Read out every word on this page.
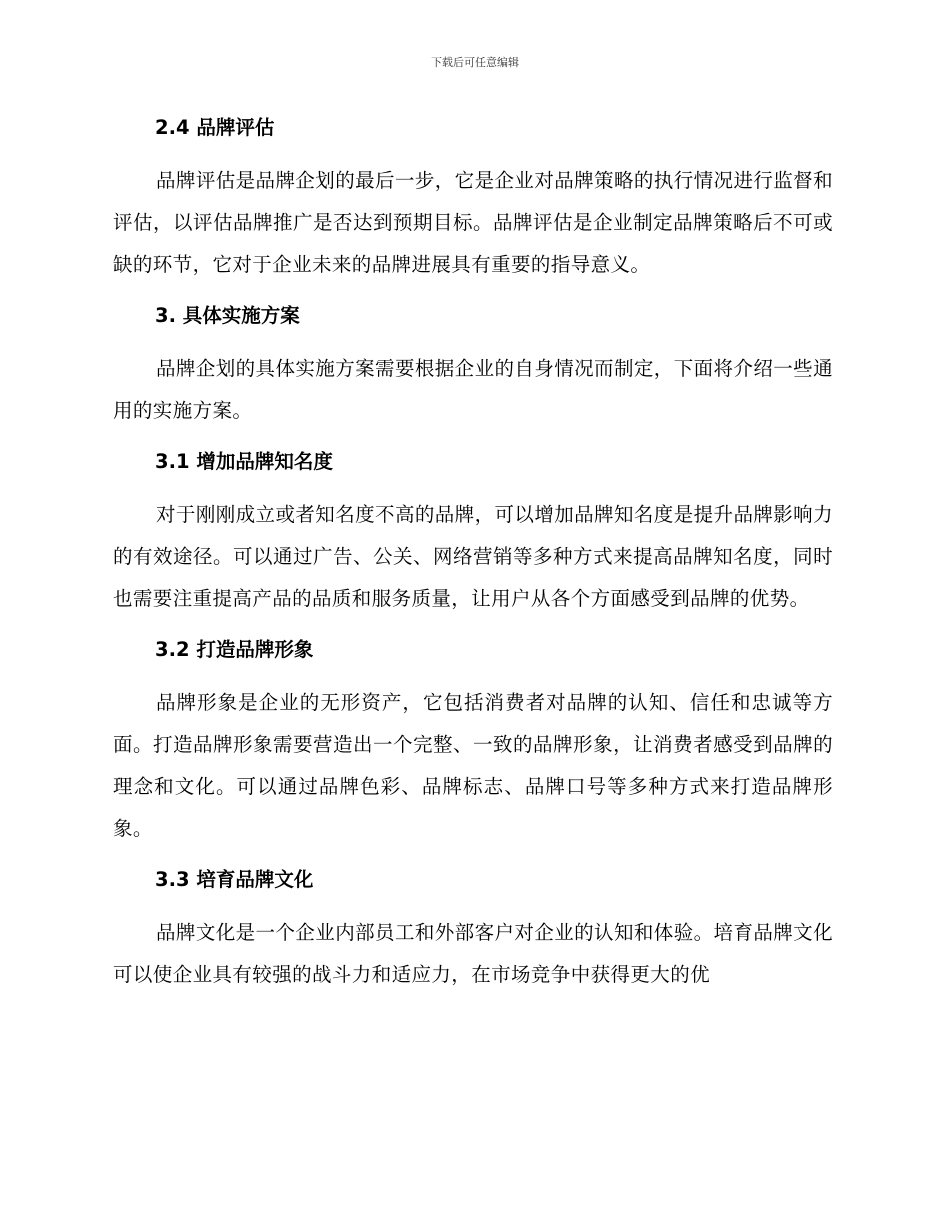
下载后可任意编辑
2.4 品牌评估

品牌评估是品牌企划的最后一步，它是企业对品牌策略的执行情况进行监督和评估，以评估品牌推广是否达到预期目标。品牌评估是企业制定品牌策略后不可或缺的环节，它对于企业未来的品牌进展具有重要的指导意义。

3. 具体实施方案

品牌企划的具体实施方案需要根据企业的自身情况而制定，下面将介绍一些通用的实施方案。

3.1 增加品牌知名度

对于刚刚成立或者知名度不高的品牌，可以增加品牌知名度是提升品牌影响力的有效途径。可以通过广告、公关、网络营销等多种方式来提高品牌知名度，同时也需要注重提高产品的品质和服务质量，让用户从各个方面感受到品牌的优势。

3.2 打造品牌形象

品牌形象是企业的无形资产，它包括消费者对品牌的认知、信任和忠诚等方面。打造品牌形象需要营造出一个完整、一致的品牌形象，让消费者感受到品牌的理念和文化。可以通过品牌色彩、品牌标志、品牌口号等多种方式来打造品牌形象。

3.3 培育品牌文化

品牌文化是一个企业内部员工和外部客户对企业的认知和体验。培育品牌文化可以使企业具有较强的战斗力和适应力，在市场竞争中获得更大的优
